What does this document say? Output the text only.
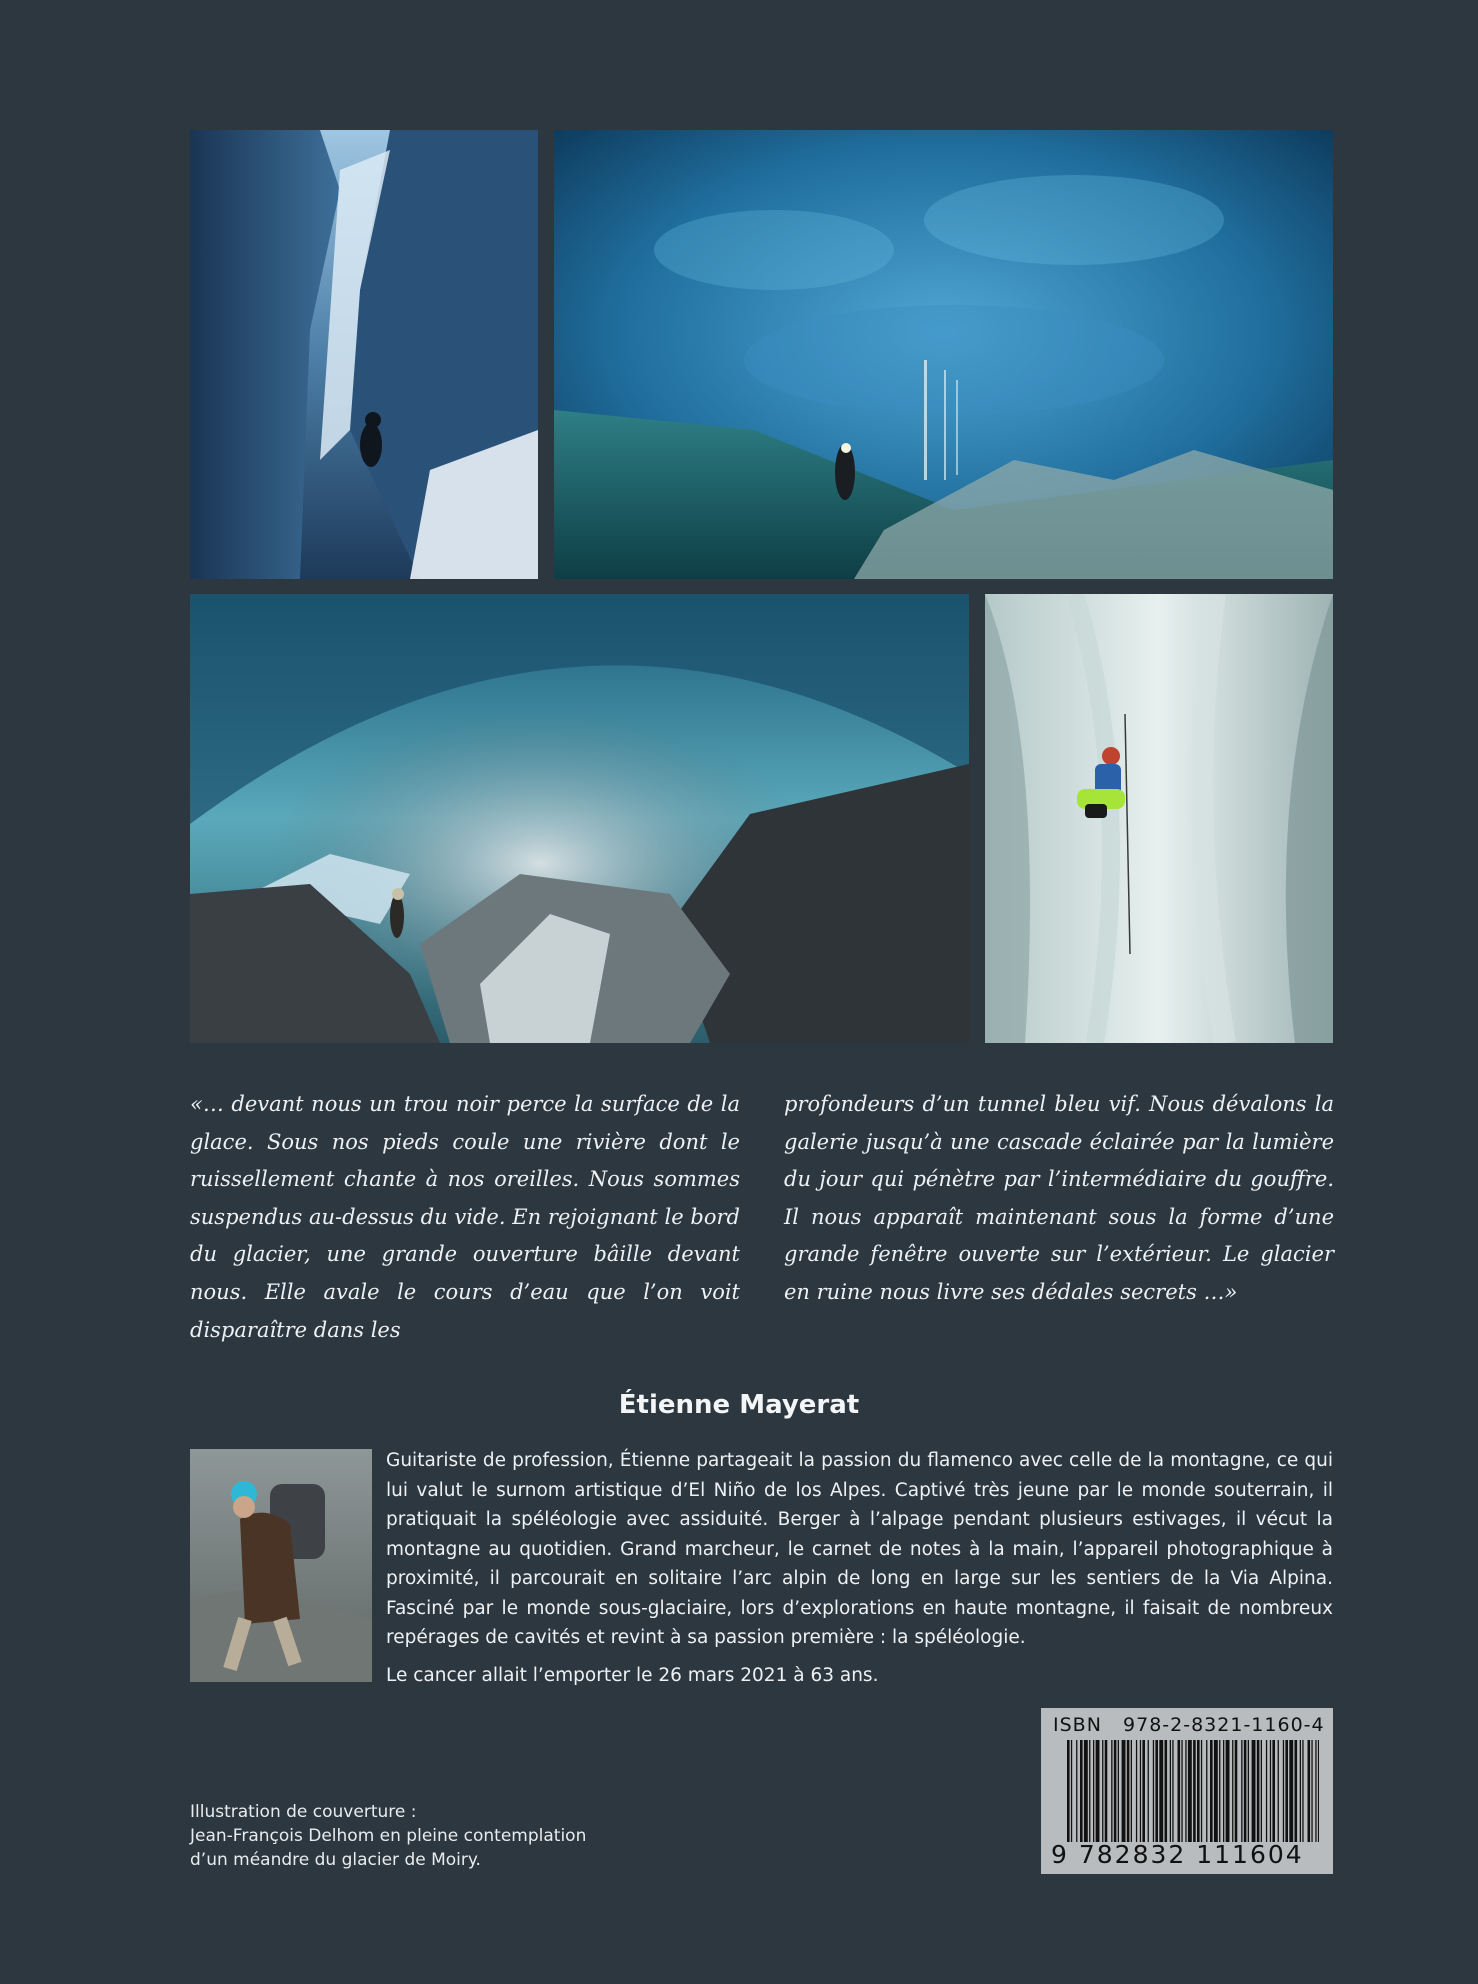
«… devant nous un trou noir perce la surface de la glace. Sous nos pieds coule une rivière dont le ruissellement chante à nos oreilles. Nous sommes suspendus au-dessus du vide. En rejoignant le bord du glacier, une grande ouverture bâille devant nous. Elle avale le cours d’eau que l’on voit disparaître dans les

profondeurs d’un tunnel bleu vif. Nous dévalons la galerie jusqu’à une cascade éclairée par la lumière du jour qui pénètre par l’intermédiaire du gouffre. Il nous apparaît maintenant sous la forme d’une grande fenêtre ouverte sur l’extérieur. Le glacier en ruine nous livre ses dédales secrets …»

Étienne Mayerat

Guitariste de profession, Étienne partageait la passion du flamenco avec celle de la montagne, ce qui lui valut le surnom artistique d’El Niño de los Alpes. Captivé très jeune par le monde souterrain, il pratiquait la spéléologie avec assiduité. Berger à l’alpage pendant plusieurs estivages, il vécut la montagne au quotidien. Grand marcheur, le carnet de notes à la main, l’appareil photographique à proximité, il parcourait en solitaire l’arc alpin de long en large sur les sentiers de la Via Alpina. Fasciné par le monde sous-glaciaire, lors d’explorations en haute montagne, il faisait de nombreux repérages de cavités et revint à sa passion première : la spéléologie.

Le cancer allait l’emporter le 26 mars 2021 à 63 ans.

ISBN   978-2-8321-1160-4
9 782832 111604

Illustration de couverture :
Jean-François Delhom en pleine contemplation
d’un méandre du glacier de Moiry.
